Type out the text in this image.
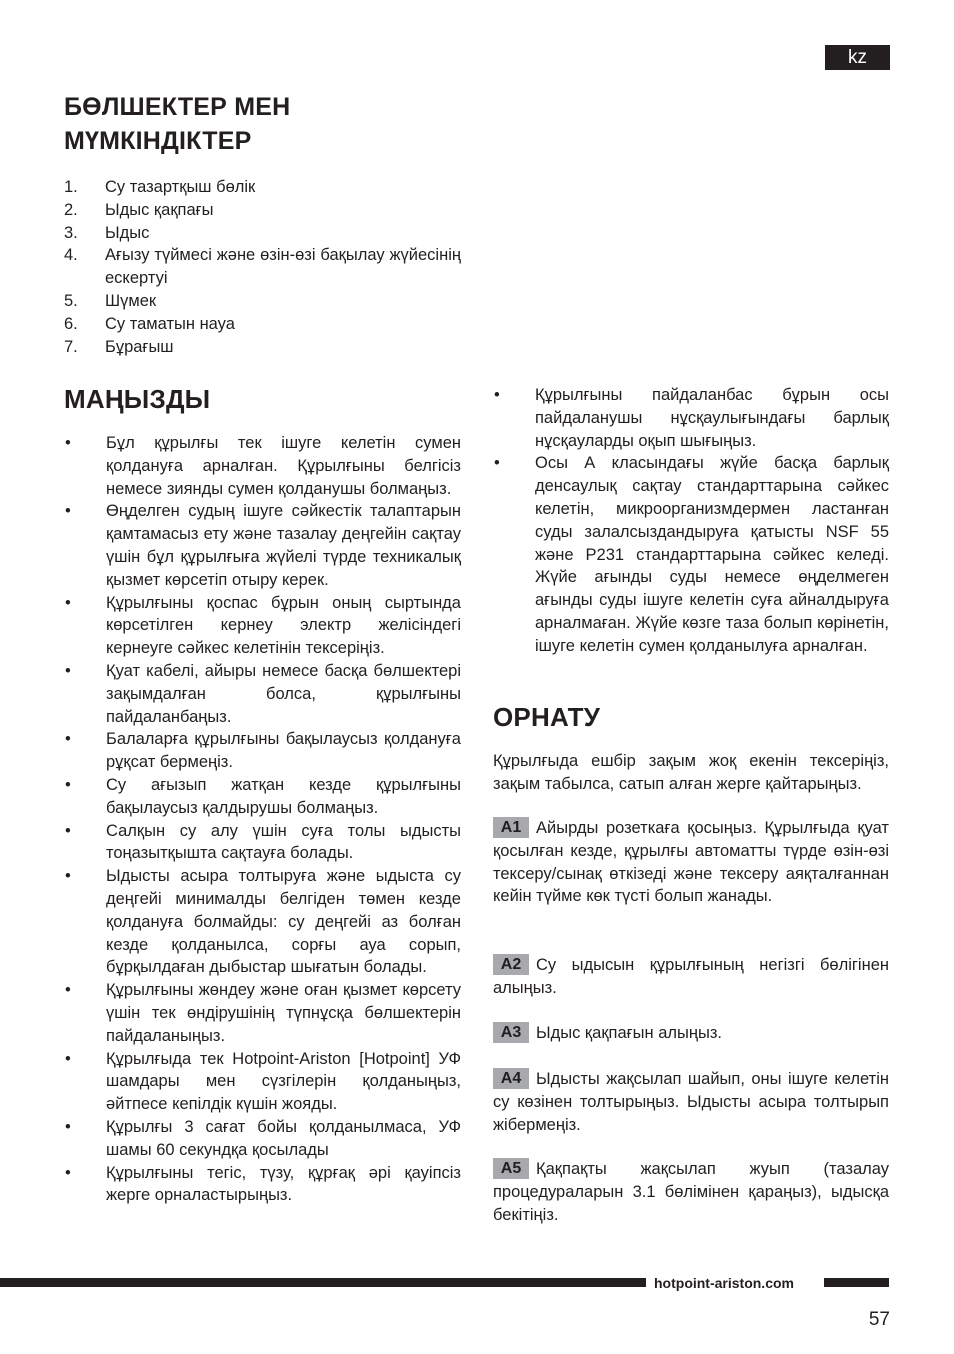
kz
БӨЛШЕКТЕР МЕН МҮМКІНДІКТЕР
1.	Су тазартқыш бөлік
2.	Ыдыс қақпағы
3.	Ыдыс
4.	Ағызу түймесі және өзін-өзі бақылау жүйесінің ескертуі
5.	Шүмек
6.	Су таматын науа
7.	Бұрағыш
МАҢЫЗДЫ
•	Бұл құрылғы тек ішуге келетін сумен қолдануға арналған. Құрылғыны белгісіз немесе зиянды сумен қолданушы болмаңыз.
•	Өңделген судың ішуге сәйкестік талаптарын қамтамасыз ету және тазалау деңгейін сақтау үшін бұл құрылғыға жүйелі түрде техникалық қызмет көрсетіп отыру керек.
•	Құрылғыны қоспас бұрын оның сыртында көрсетілген кернеу электр желісіндегі кернеуге сәйкес келетінін тексеріңіз.
•	Қуат кабелі, айыры немесе басқа бөлшектері зақымдалған болса, құрылғыны пайдаланбаңыз.
•	Балаларға құрылғыны бақылаусыз қолдануға рұқсат бермеңіз.
•	Су ағызып жатқан кезде құрылғыны бақылаусыз қалдырушы болмаңыз.
•	Салқын су алу үшін суға толы ыдысты тоңазытқышта сақтауға болады.
•	Ыдысты асыра толтыруға және ыдыста су деңгейі минималды белгіден төмен кезде қолдануға болмайды: су деңгейі аз болған кезде қолданылса, сорғы ауа сорып, бұрқылдаған дыбыстар шығатын болады.
•	Құрылғыны жөндеу және оған қызмет көрсету үшін тек өндірушінің түпнұсқа бөлшектерін пайдаланыңыз.
•	Құрылғыда тек Hotpoint-Ariston [Hotpoint] УФ шамдары мен сүзгілерін қолданыңыз, әйтпесе кепілдік күшін жояды.
•	Құрылғы 3 сағат бойы қолданылмаса, УФ шамы 60 секундқа қосылады
•	Құрылғыны тегіс, түзу, құрғақ әрі қауіпсіз жерге орналастырыңыз.
•	Құрылғыны пайдаланбас бұрын осы пайдаланушы нұсқаулығындағы барлық нұсқауларды оқып шығыңыз.
•	Осы А класындағы жүйе басқа барлық денсаулық сақтау стандарттарына сәйкес келетін, микроорганизмдермен ластанған суды залалсыздандыруға қатысты NSF 55 және P231 стандарттарына сәйкес келеді. Жүйе ағынды суды немесе өңделмеген ағынды суды ішуге келетін суға айналдыруға арналмаған. Жүйе көзге таза болып көрінетін, ішуге келетін сумен қолданылуға арналған.
ОРНАТУ

Құрылғыда ешбір зақым жоқ екенін тексеріңіз, зақым табылса, сатып алған жерге қайтарыңыз.

A1 Айырды розеткаға қосыңыз. Құрылғыда қуат қосылған кезде, құрылғы автоматты түрде өзін-өзі тексеру/сынақ өткізеді және тексеру аяқталғаннан кейін түйме көк түсті болып жанады.

A2 Су ыдысын құрылғының негізгі бөлігінен алыңыз.

A3 Ыдыс қақпағын алыңыз.

A4 Ыдысты жақсылап шайып, оны ішуге келетін су көзінен толтырыңыз. Ыдысты асыра толтырып жібермеңіз.

A5 Қақпақты жақсылап жуып (тазалау процедураларын 3.1 бөлімінен қараңыз), ыдысқа бекітіңіз.

hotpoint-ariston.com
57
